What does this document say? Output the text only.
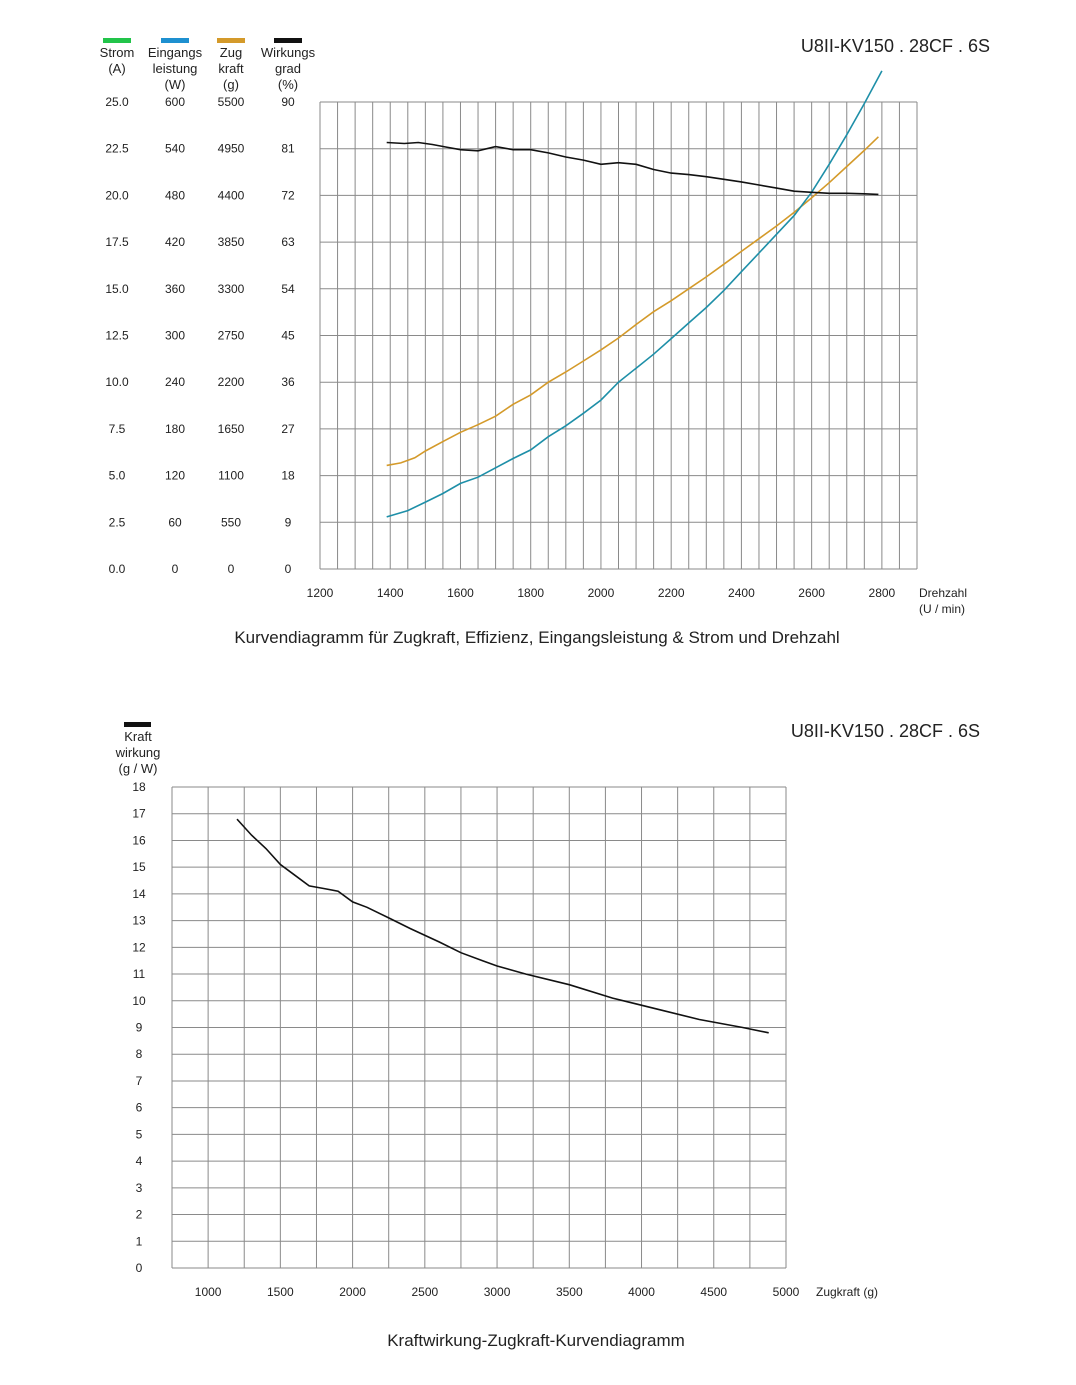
Strom
(A)
25.0
22.5
20.0
17.5
15.0
12.5
10.0
7.5
5.0
2.5
0.0
Eingangs
leistung
(W)
600
540
480
420
360
300
240
180
120
60
0
Zug
kraft
(g)
5500
4950
4400
3850
3300
2750
2200
1650
1100
550
0
Wirkungs
grad
(%)
90
81
72
63
54
45
36
27
18
9
0
1200	1400	1600	1800	2000	2200	2400	2600	2800 Drehzahl
(U / min)
U8II-KV150 . 28CF . 6S
Kurvendiagramm für Zugkraft, Effizienz, Eingangsleistung & Strom und Drehzahl
Kraft
wirkung
(g / W)
18
17
16
15
14
13
12
11
10
9
8
7
6
5
4
3
2
1
0
1000	1500	2000	2500	3000	3500	4000	4500	5000 Zugkraft (g)
U8II-KV150 . 28CF . 6S
Kraftwirkung-Zugkraft-Kurvendiagramm
